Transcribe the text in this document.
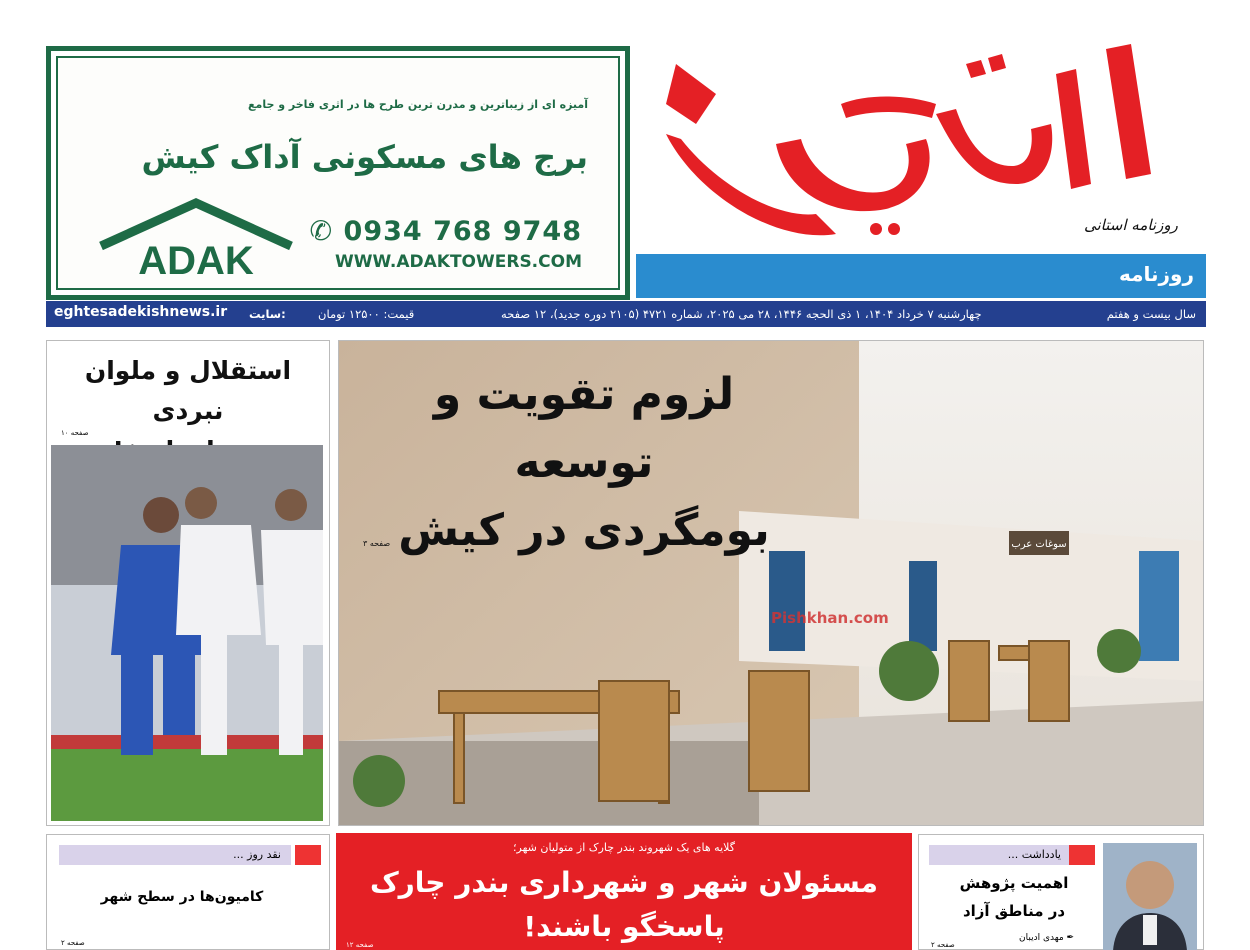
روزنامه استانی
روزنامه
آمیزه ای از زیباترین و مدرن ترین طرح ها در اثری فاخر و جامع
برج های مسکونی آداک کیش
ADAK
✆ 0934 768 9748
WWW.ADAKTOWERS.COM
eghtesadekishnews.ir سایت:	قیمت: ۱۲۵۰۰ تومان	چهارشنبه ۷ خرداد ۱۴۰۴، ۱ ذی الحجه ۱۴۴۶، ۲۸ می ۲۰۲۵، شماره ۴۷۲۱ (۲۱۰۵ دوره جدید)، ۱۲ صفحه	سال بیست و هفتم
سوغات عرب
لزوم تقویت و توسعه
بومگردی در کیش
صفحه ۳
Pishkhan.com
استقلال و ملوان نبردی
صفحه ۱۰
نقد روز ...
کامیون‌ها در سطح شهر
صفحه ۲
گلایه های یک شهروند بندر چارک از متولیان شهر؛
مسئولان شهر و شهرداری بندر چارک
پاسخگو باشند!
صفحه ۱۲
یادداشت ...
اهمیت پژوهش
در مناطق آزاد
✒ مهدی ادیبان
صفحه ۲
